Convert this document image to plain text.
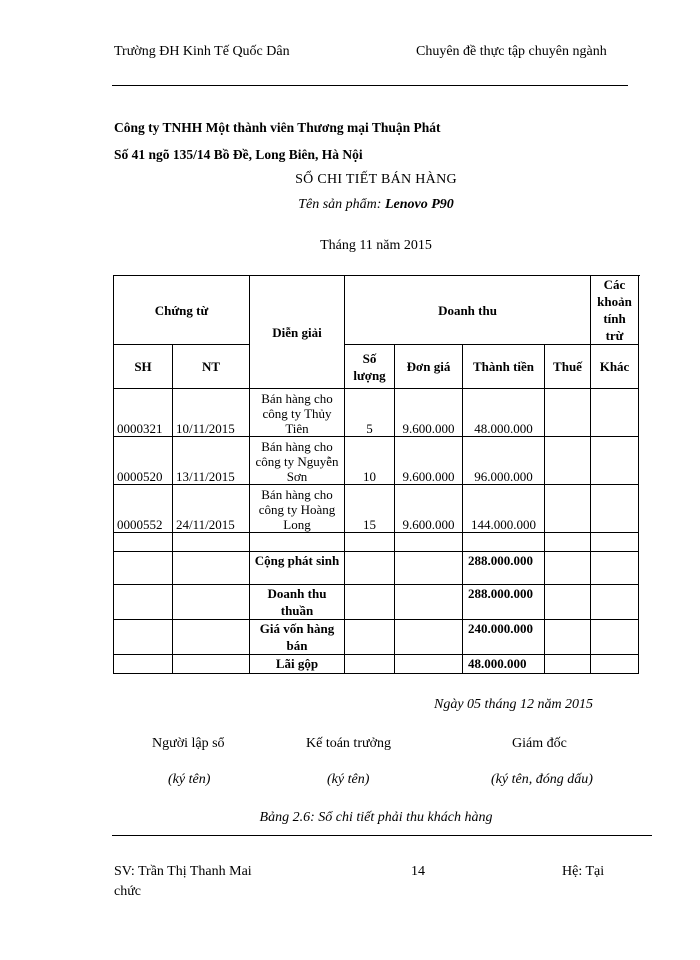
Trường ĐH Kinh Tế Quốc Dân	Chuyên đề thực tập chuyên ngành
Công ty TNHH Một thành viên Thương mại Thuận Phát
Số 41 ngõ 135/14 Bồ Đề, Long Biên, Hà Nội
SỔ CHI TIẾT BÁN HÀNG
Tên sản phẩm: Lenovo P90
Tháng 11 năm 2015
Chứng từ		Diễn giải	Doanh thu				Các khoản tính trừ
SH	NT		Số lượng	Đơn giá	Thành tiền	Thuế	Khác
0000321	10/11/2015	Bán hàng cho công ty Thủy Tiên	5	9.600.000	48.000.000		
0000520	13/11/2015	Bán hàng cho công ty Nguyễn Sơn	10	9.600.000	96.000.000		
0000552	24/11/2015	Bán hàng cho công ty Hoàng Long	15	9.600.000	144.000.000		

		Cộng phát sinh			288.000.000		
		Doanh thu thuần			288.000.000		
		Giá vốn hàng bán			240.000.000		
		Lãi gộp			48.000.000		
Ngày 05 tháng 12 năm 2015
Người lập sổ	Kế toán trưởng	Giám đốc
(ký tên)	(ký tên)	(ký tên, đóng dấu)
Bảng 2.6: Sổ chi tiết phải thu khách hàng
SV: Trần Thị Thanh Mai	14	Hệ: Tại
chức
